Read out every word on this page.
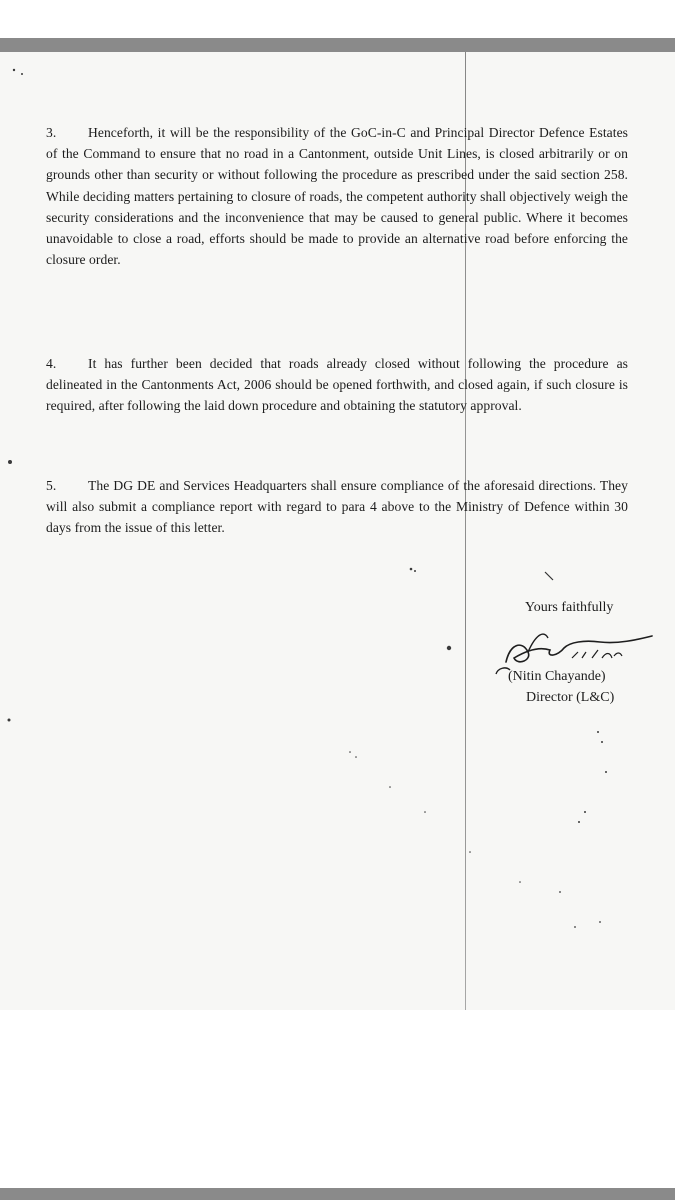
3. Henceforth, it will be the responsibility of the GoC-in-C and Principal Director Defence Estates of the Command to ensure that no road in a Cantonment, outside Unit Lines, is closed arbitrarily or on grounds other than security or without following the procedure as prescribed under the said section 258. While deciding matters pertaining to closure of roads, the competent authority shall objectively weigh the security considerations and the inconvenience that may be caused to general public. Where it becomes unavoidable to close a road, efforts should be made to provide an alternative road before enforcing the closure order.
4. It has further been decided that roads already closed without following the procedure as delineated in the Cantonments Act, 2006 should be opened forthwith, and closed again, if such closure is required, after following the laid down procedure and obtaining the statutory approval.
5. The DG DE and Services Headquarters shall ensure compliance of the aforesaid directions. They will also submit a compliance report with regard to para 4 above to the Ministry of Defence within 30 days from the issue of this letter.
Yours faithfully
(Nitin Chayande)
Director (L&C)
